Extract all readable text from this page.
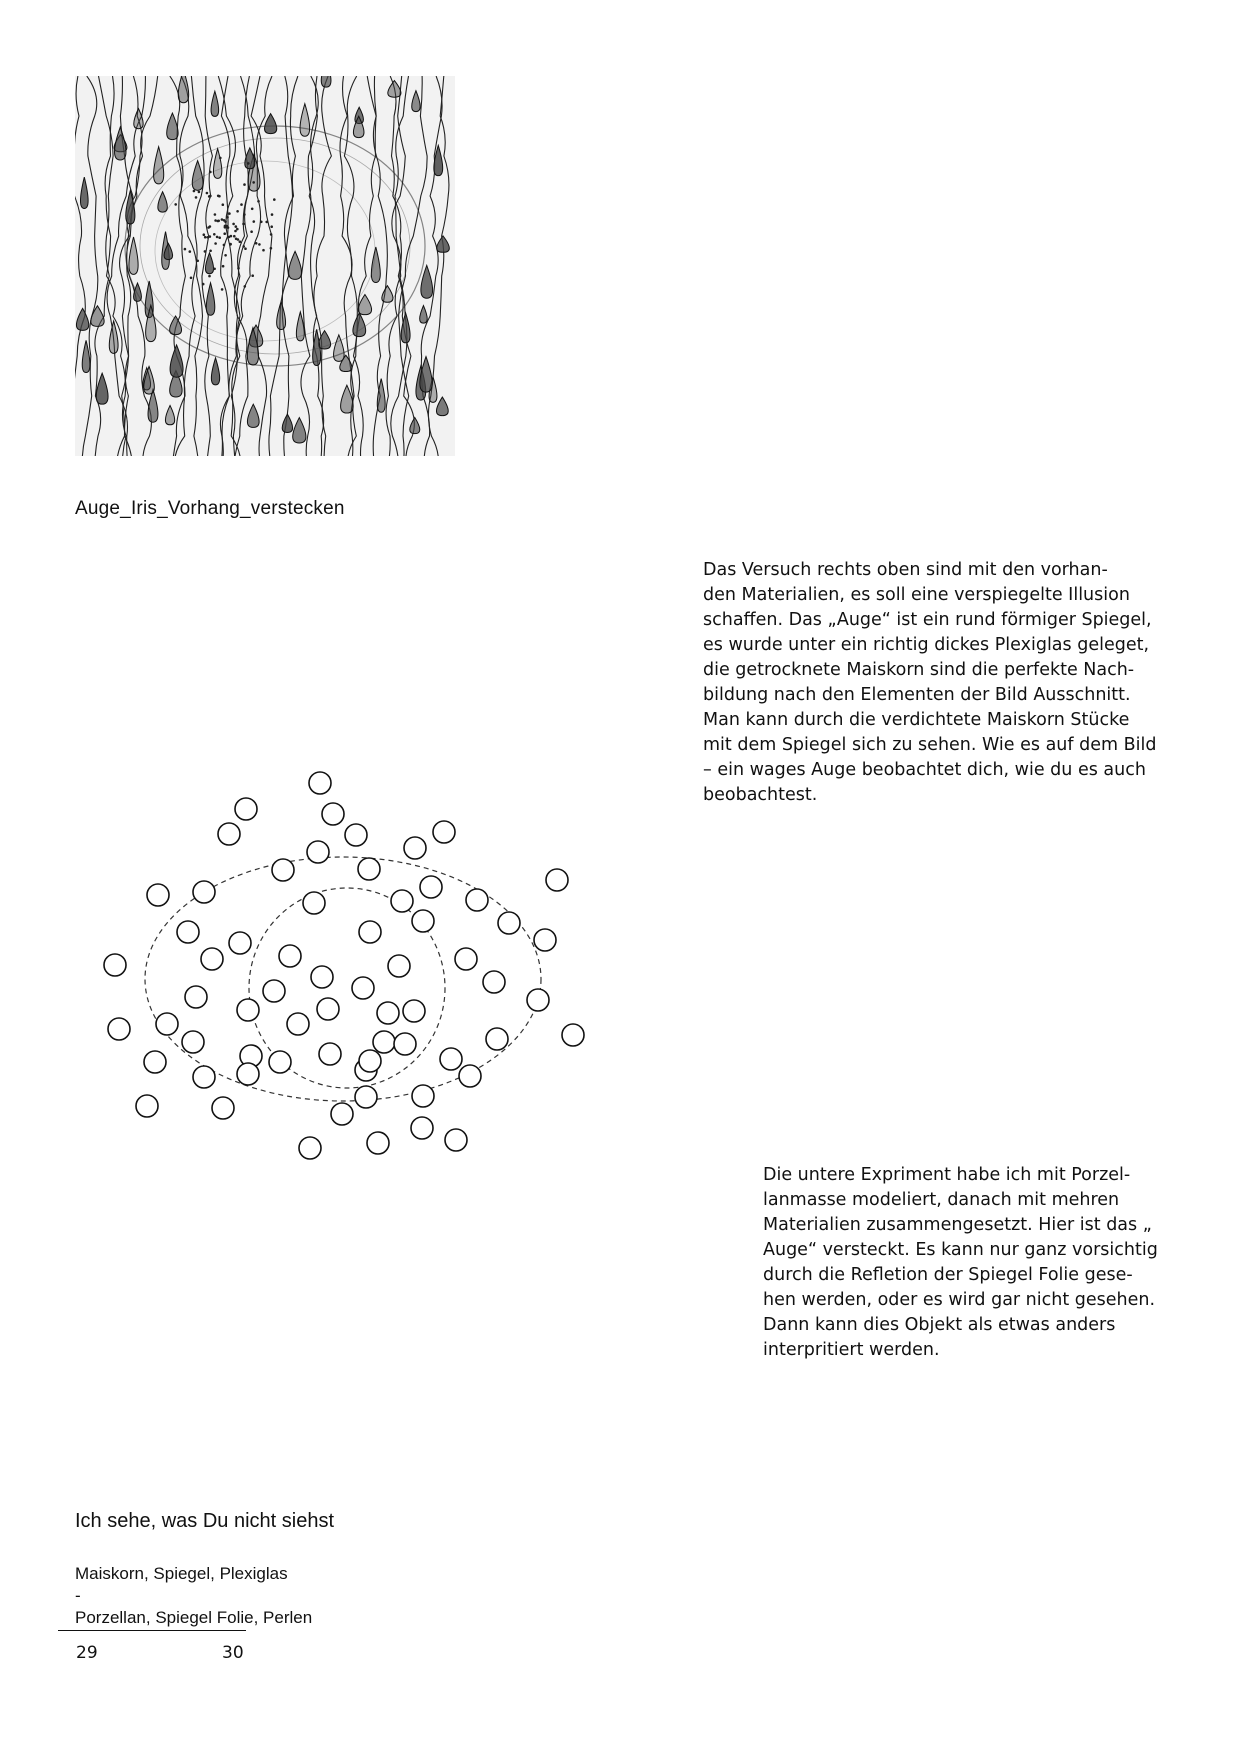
Auge_Iris_Vorhang_verstecken

Das Versuch rechts oben sind mit den vorhan-

den Materialien, es soll eine verspiegelte Illusion

schaffen. Das „Auge“ ist ein rund förmiger Spiegel,

es wurde unter ein richtig dickes Plexiglas geleget,

die getrocknete Maiskorn sind die perfekte Nach-

bildung nach den Elementen der Bild Ausschnitt.

Man kann durch die verdichtete Maiskorn Stücke

mit dem Spiegel sich zu sehen. Wie es auf dem Bild

– ein wages Auge beobachtet dich, wie du es auch

beobachtest.

Die untere Expriment habe ich mit Porzel-

lanmasse modeliert, danach mit mehren

Materialien zusammengesetzt. Hier ist das „

Auge“ versteckt. Es kann nur ganz vorsichtig

durch die Refletion der Spiegel Folie gese-

hen werden, oder es wird gar nicht gesehen.

Dann kann dies Objekt als etwas anders

interpritiert werden.

Ich sehe, was Du nicht siehst
Maiskorn, Spiegel, Plexiglas
-
Porzellan, Spiegel Folie, Perlen
29	30
